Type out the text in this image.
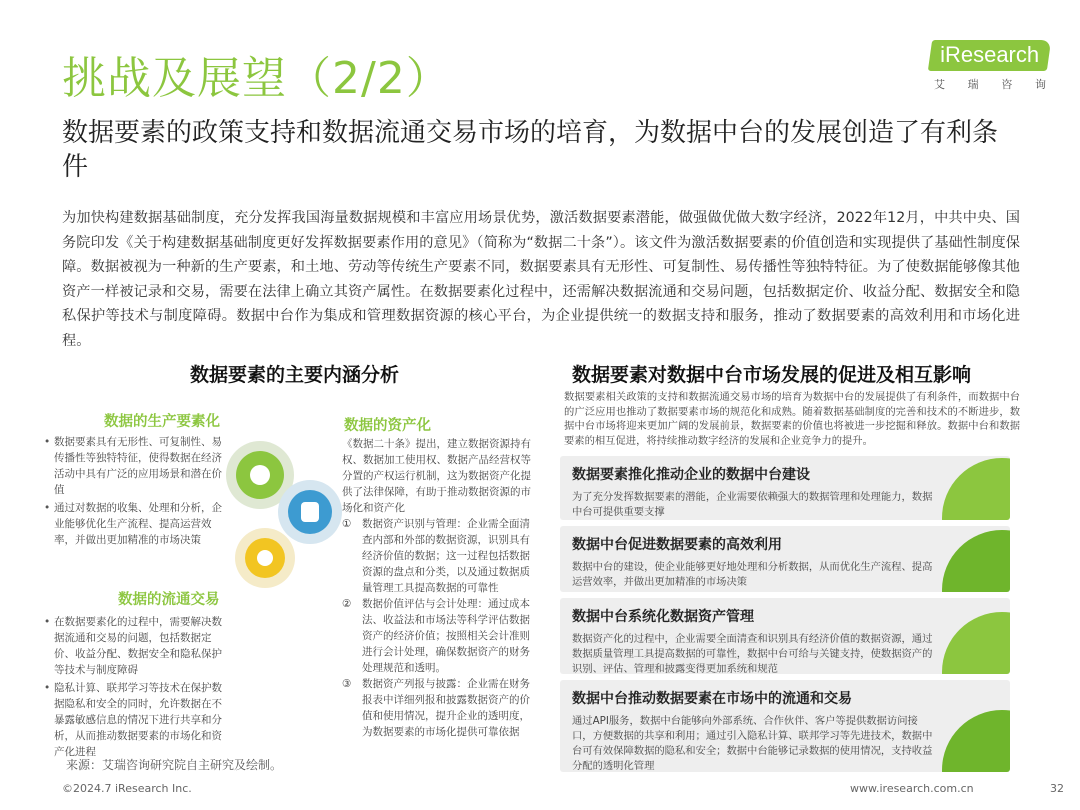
挑战及展望（2/2）	iResearch
艾 瑞 咨 询
数据要素的政策支持和数据流通交易市场的培育，为数据中台的发展创造了有利条件
为加快构建数据基础制度，充分发挥我国海量数据规模和丰富应用场景优势，激活数据要素潜能，做强做优做大数字经济，2022年12月，中共中央、国务院印发《关于构建数据基础制度更好发挥数据要素作用的意见》（简称为“数据二十条”）。该文件为激活数据要素的价值创造和实现提供了基础性制度保障。数据被视为一种新的生产要素，和土地、劳动等传统生产要素不同，数据要素具有无形性、可复制性、易传播性等独特特征。为了使数据能够像其他资产一样被记录和交易，需要在法律上确立其资产属性。在数据要素化过程中，还需解决数据流通和交易问题，包括数据定价、收益分配、数据安全和隐私保护等技术与制度障碍。数据中台作为集成和管理数据资源的核心平台，为企业提供统一的数据支持和服务，推动了数据要素的高效利用和市场化进程。
数据要素的主要内涵分析	数据要素对数据中台市场发展的促进及相互影响
数据的生产要素化
• 数据要素具有无形性、可复制性、易传播性等独特特征，使得数据在经济活动中具有广泛的应用场景和潜在价值
• 通过对数据的收集、处理和分析，企业能够优化生产流程、提高运营效率，并做出更加精准的市场决策
数据的资产化
《数据二十条》提出，建立数据资源持有权、数据加工使用权、数据产品经营权等分置的产权运行机制，这为数据资产化提供了法律保障，有助于推动数据资源的市场化和资产化
①	数据资产识别与管理：企业需全面清查内部和外部的数据资源，识别具有经济价值的数据；这一过程包括数据资源的盘点和分类，以及通过数据质量管理工具提高数据的可靠性
②	数据价值评估与会计处理：通过成本法、收益法和市场法等科学评估数据资产的经济价值；按照相关会计准则进行会计处理，确保数据资产的财务处理规范和透明。
③	数据资产列报与披露：企业需在财务报表中详细列报和披露数据资产的价值和使用情况，提升企业的透明度，为数据要素的市场化提供可靠依据
数据的流通交易
• 在数据要素化的过程中，需要解决数据流通和交易的问题，包括数据定价、收益分配、数据安全和隐私保护等技术与制度障碍
• 隐私计算、联邦学习等技术在保护数据隐私和安全的同时，允许数据在不暴露敏感信息的情况下进行共享和分析，从而推动数据要素的市场化和资产化进程
来源：艾瑞咨询研究院自主研究及绘制。
数据要素相关政策的支持和数据流通交易市场的培育为数据中台的发展提供了有利条件，而数据中台的广泛应用也推动了数据要素市场的规范化和成熟。随着数据基础制度的完善和技术的不断进步，数据中台市场将迎来更加广阔的发展前景，数据要素的价值也将被进一步挖掘和释放。数据中台和数据要素的相互促进，将持续推动数字经济的发展和企业竞争力的提升。
数据要素推化推动企业的数据中台建设
为了充分发挥数据要素的潜能，企业需要依赖强大的数据管理和处理能力，数据中台可提供重要支撑
数据中台促进数据要素的高效利用
数据中台的建设，使企业能够更好地处理和分析数据，从而优化生产流程、提高运营效率，并做出更加精准的市场决策
数据中台系统化数据资产管理
数据资产化的过程中，企业需要全面清查和识别具有经济价值的数据资源，通过数据质量管理工具提高数据的可靠性，数据中台可给与关键支持，使数据资产的识别、评估、管理和披露变得更加系统和规范
数据中台推动数据要素在市场中的流通和交易
通过API服务，数据中台能够向外部系统、合作伙伴、客户等提供数据访问接口，方便数据的共享和利用；通过引入隐私计算、联邦学习等先进技术，数据中台可有效保障数据的隐私和安全；数据中台能够记录数据的使用情况，支持收益分配的透明化管理
©2024.7 iResearch Inc.	www.iresearch.com.cn	32
